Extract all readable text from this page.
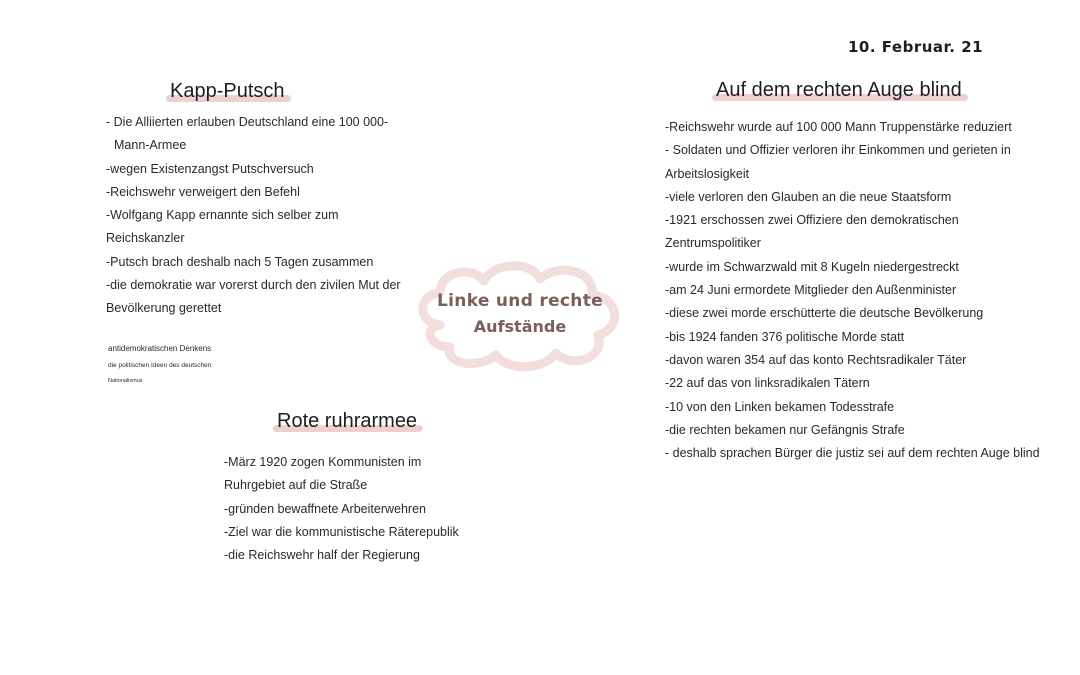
10. Februar. 21
Kapp-Putsch
- Die Alliierten erlauben Deutschland eine 100 000-
Mann-Armee
-wegen Existenzangst Putschversuch
-Reichswehr verweigert den Befehl
-Wolfgang Kapp ernannte sich selber zum
Reichskanzler
-Putsch brach deshalb nach 5 Tagen zusammen
-die demokratie war vorerst durch den zivilen Mut der
Bevölkerung gerettet
antidemokratischen Denkens
die politischen Ideen des deutschen
Nationalismus
Linke und rechte
Aufstände
Rote ruhrarmee
-März 1920 zogen Kommunisten im
Ruhrgebiet auf die Straße
-gründen bewaffnete Arbeiterwehren
-Ziel war die kommunistische Räterepublik
-die Reichswehr half der Regierung
Auf dem rechten Auge blind
-Reichswehr wurde auf 100 000 Mann Truppenstärke reduziert
- Soldaten und Offizier verloren ihr Einkommen und gerieten in
Arbeitslosigkeit
-viele verloren den Glauben an die neue Staatsform
-1921 erschossen zwei Offiziere den demokratischen
Zentrumspolitiker
-wurde im Schwarzwald mit 8 Kugeln niedergestreckt
-am 24 Juni ermordete Mitglieder den Außenminister
-diese zwei morde erschütterte die deutsche Bevölkerung
-bis 1924 fanden 376 politische Morde statt
-davon waren 354 auf das konto Rechtsradikaler Täter
-22 auf das von linksradikalen Tätern
-10 von den Linken bekamen Todesstrafe
-die rechten bekamen nur Gefängnis Strafe
- deshalb sprachen Bürger die justiz sei auf dem rechten Auge blind
